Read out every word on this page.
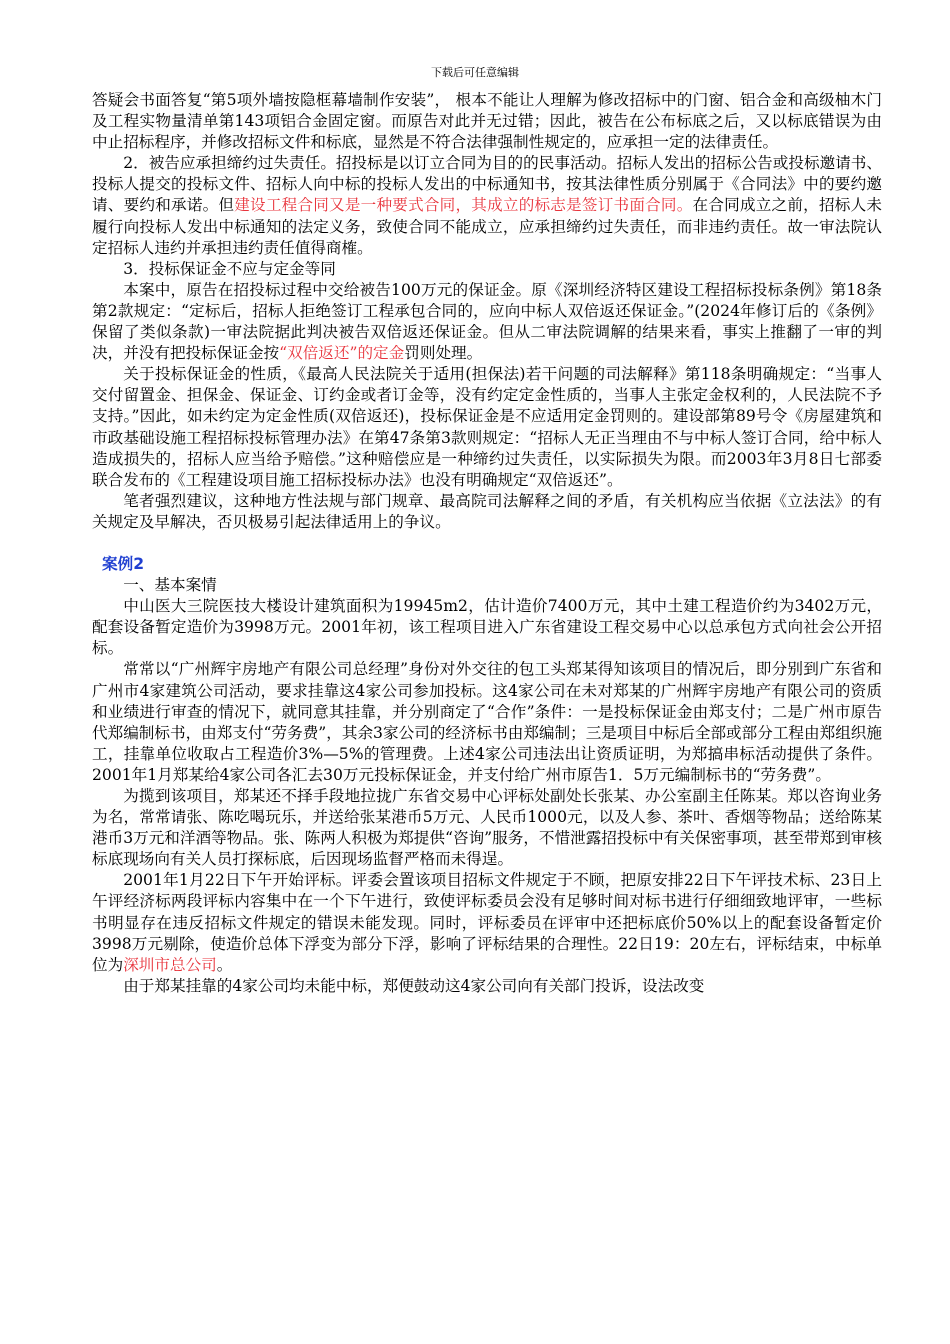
下载后可任意编辑

答疑会书面答复“第5项外墙按隐框幕墙制作安装”， 根本不能让人理解为修改招标中的门窗、铝合金和高级柚木门及工程实物量清单第143项铝合金固定窗。而原告对此并无过错；因此，被告在公布标底之后，又以标底错误为由中止招标程序，并修改招标文件和标底，显然是不符合法律强制性规定的，应承担一定的法律责任。

2．被告应承担缔约过失责任。招投标是以订立合同为目的的民事活动。招标人发出的招标公告或投标邀请书、投标人提交的投标文件、招标人向中标的投标人发出的中标通知书，按其法律性质分别属于《合同法》中的要约邀请、要约和承诺。但建设工程合同又是一种要式合同，其成立的标志是签订书面合同。在合同成立之前，招标人未履行向投标人发出中标通知的法定义务，致使合同不能成立，应承担缔约过失责任，而非违约责任。故一审法院认定招标人违约并承担违约责任值得商榷。

3．投标保证金不应与定金等同

本案中，原告在招投标过程中交给被告100万元的保证金。原《深圳经济特区建设工程招标投标条例》第18条第2款规定：“定标后，招标人拒绝签订工程承包合同的，应向中标人双倍返还保证金。”(2024年修订后的《条例》保留了类似条款)一审法院据此判决被告双倍返还保证金。但从二审法院调解的结果来看，事实上推翻了一审的判决，并没有把投标保证金按“双倍返还”的定金罚则处理。

关于投标保证金的性质，《最高人民法院关于适用(担保法)若干问题的司法解释》第118条明确规定：“当事人交付留置金、担保金、保证金、订约金或者订金等，没有约定定金性质的，当事人主张定金权利的，人民法院不予支持。”因此，如未约定为定金性质(双倍返还)，投标保证金是不应适用定金罚则的。建设部第89号令《房屋建筑和市政基础设施工程招标投标管理办法》在第47条第3款则规定：“招标人无正当理由不与中标人签订合同，给中标人造成损失的，招标人应当给予赔偿。”这种赔偿应是一种缔约过失责任，以实际损失为限。而2003年3月8日七部委联合发布的《工程建设项目施工招标投标办法》也没有明确规定“双倍返还”。

笔者强烈建议，这种地方性法规与部门规章、最高院司法解释之间的矛盾，有关机构应当依据《立法法》的有关规定及早解决，否贝极易引起法律适用上的争议。

案例2

一、基本案情

中山医大三院医技大楼设计建筑面积为19945m2，估计造价7400万元，其中土建工程造价约为3402万元，配套设备暂定造价为3998万元。2001年初，该工程项目进入广东省建设工程交易中心以总承包方式向社会公开招标。

常常以“广州辉宇房地产有限公司总经理”身份对外交往的包工头郑某得知该项目的情况后，即分别到广东省和广州市4家建筑公司活动，要求挂靠这4家公司参加投标。这4家公司在未对郑某的广州辉宇房地产有限公司的资质和业绩进行审查的情况下，就同意其挂靠，并分别商定了“合作”条件：一是投标保证金由郑支付；二是广州市原告代郑编制标书，由郑支付“劳务费”，其余3家公司的经济标书由郑编制；三是项目中标后全部或部分工程由郑组织施工，挂靠单位收取占工程造价3%—5%的管理费。上述4家公司违法出让资质证明，为郑搞串标活动提供了条件。2001年1月郑某给4家公司各汇去30万元投标保证金，并支付给广州市原告1．5万元编制标书的“劳务费”。

为揽到该项目，郑某还不择手段地拉拢广东省交易中心评标处副处长张某、办公室副主任陈某。郑以咨询业务为名，常常请张、陈吃喝玩乐，并送给张某港币5万元、人民币1000元，以及人参、茶叶、香烟等物品；送给陈某港币3万元和洋酒等物品。张、陈两人积极为郑提供“咨询”服务，不惜泄露招投标中有关保密事项，甚至带郑到审核标底现场向有关人员打探标底，后因现场监督严格而未得逞。

2001年1月22日下午开始评标。评委会置该项目招标文件规定于不顾，把原安排22日下午评技术标、23日上午评经济标两段评标内容集中在一个下午进行，致使评标委员会没有足够时间对标书进行仔细细致地评审，一些标书明显存在违反招标文件规定的错误未能发现。同时，评标委员在评审中还把标底价50%以上的配套设备暂定价3998万元剔除，使造价总体下浮变为部分下浮，影响了评标结果的合理性。22日19：20左右，评标结束，中标单位为深圳市总公司。

由于郑某挂靠的4家公司均未能中标，郑便鼓动这4家公司向有关部门投诉，设法改变
